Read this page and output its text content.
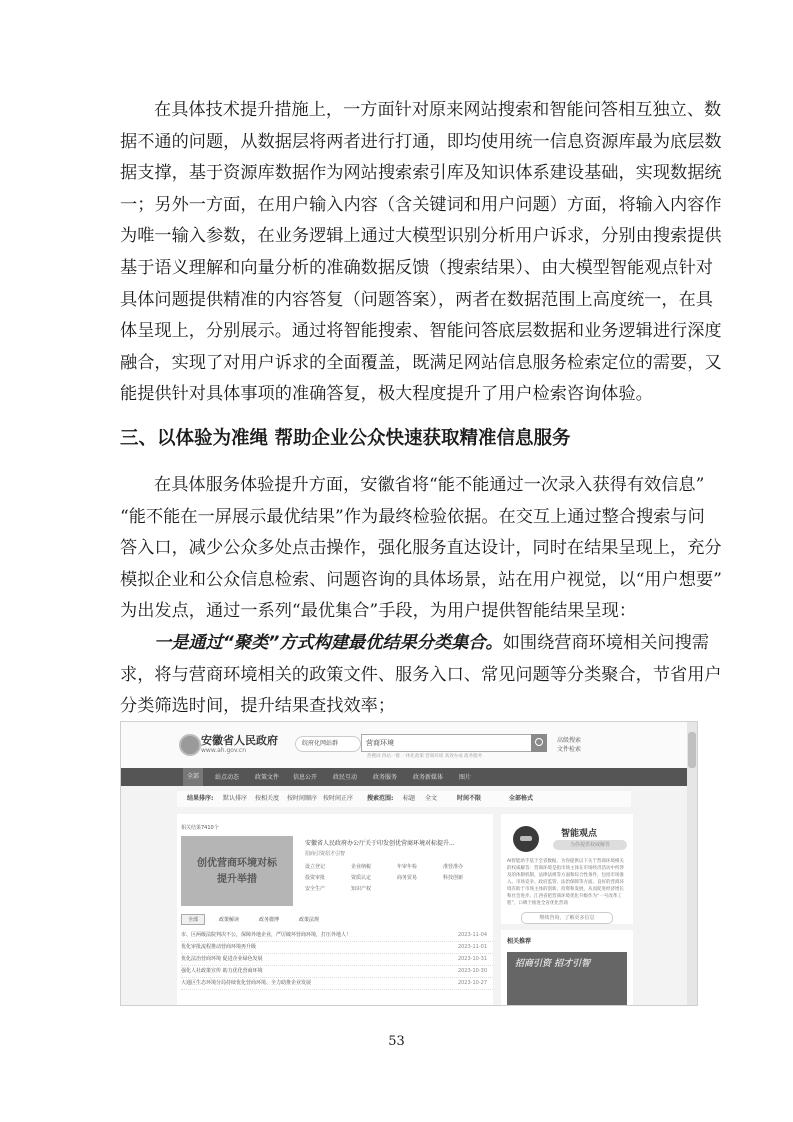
在具体技术提升措施上，一方面针对原来网站搜索和智能问答相互独立、数
据不通的问题，从数据层将两者进行打通，即均使用统一信息资源库最为底层数
据支撑，基于资源库数据作为网站搜索索引库及知识体系建设基础，实现数据统
一；另外一方面，在用户输入内容（含关键词和用户问题）方面，将输入内容作
为唯一输入参数，在业务逻辑上通过大模型识别分析用户诉求，分别由搜索提供
基于语义理解和向量分析的准确数据反馈（搜索结果）、由大模型智能观点针对
具体问题提供精准的内容答复（问题答案），两者在数据范围上高度统一，在具
体呈现上，分别展示。通过将智能搜索、智能问答底层数据和业务逻辑进行深度
融合，实现了对用户诉求的全面覆盖，既满足网站信息服务检索定位的需要，又
能提供针对具体事项的准确答复，极大程度提升了用户检索咨询体验。
三、以体验为准绳 帮助企业公众快速获取精准信息服务
在具体服务体验提升方面，安徽省将“能不能通过一次录入获得有效信息”
“能不能在一屏展示最优结果”作为最终检验依据。在交互上通过整合搜索与问
答入口，减少公众多处点击操作，强化服务直达设计，同时在结果呈现上，充分
模拟企业和公众信息检索、问题咨询的具体场景，站在用户视觉，以“用户想要”
为出发点，通过一系列“最优集合”手段，为用户提供智能结果呈现：
一是通过“聚类”方式构建最优结果分类集合。如围绕营商环境相关问搜需
求，将与营商环境相关的政策文件、服务入口、常见问题等分类聚合，节省用户
分类筛选时间，提升结果查找效率；
安徽省人民政府
www.ah.gov.cn
皖府化网站群	营商环境
热搜词 四站一群 一体化政策 营商环境 高效办成 政务服务
高级搜索
文件检索
全部	站点动态	政策文件 信息公开	政民互动	政务服务	政务新媒体	图片
结果排序: 默认排序 按相关度 按时间顺序 按时间正序 搜索范围: 标题 全文	时间不限	全部格式
相关结果7410个
创优营商环境对标
提升举措
安徽省人民政府办公厅关于印发创优营商环境对标提升...
招商引资招才引智
设立登记	企业纳税	年审年检	准营准办投资审批	资质认定	商务贸易	科技创新安全生产	知识产权
全部	政策解读	政务微博	政策法规
市、区两级法院判决不公，保障外地企业，严厉破坏营商环境，打压外地人！	2023-11-04
优化审批流程推动营商环境再升级	2023-11-01
优化法治营商环境 促进企业绿色发展	2023-10-31
强化人社政策宣传 助力优化营商环境	2023-10-30
大通区生态环境分局持续优化营商环境、全力助推企业发展	2023-10-27
智能观点
为你提供权威解答
AI智能助手基于全省数据，为你提供以下关于营商环境相关的权威解答：营商环境是指市场主体在市场经济活动中所涉及的体制机制、法律法规等方面和综合性条件，包括市场准入、市场竞争、政府监管、法治保障等方面。良好的营商环境有助于市场主体的创新、投资和发展，从而促进经济增长和社会进步。江西省把营商环境优化升级作为“一号改革工程”，口碑于推进全省优化营商
继续咨询，了解更多信息
相关推荐
招商引资 招才引智
53
